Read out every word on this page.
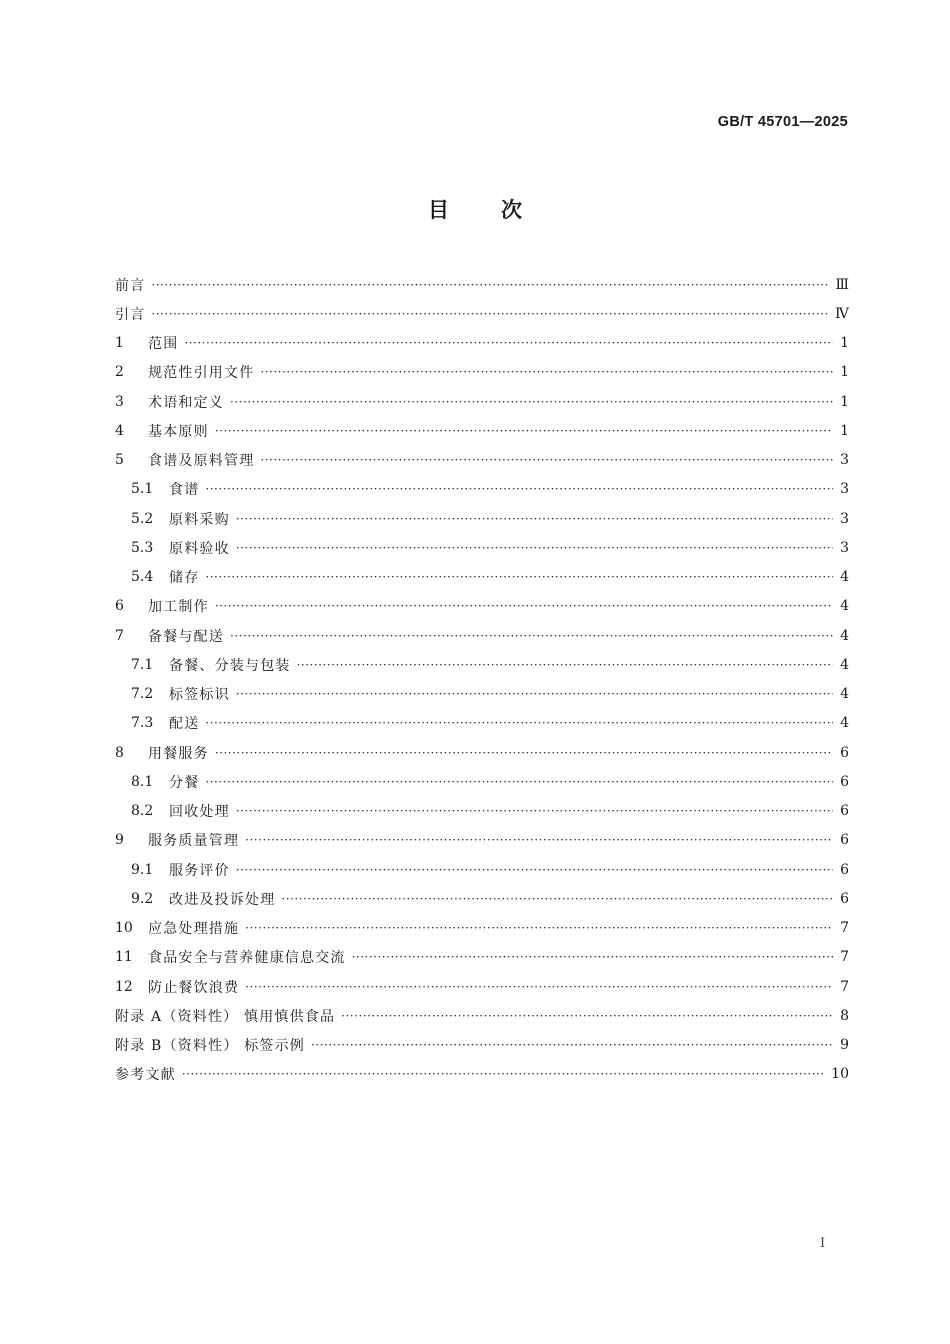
GB/T 45701—2025
目次
前言 ·····	Ⅲ
引言 ·····	Ⅳ
1	范围 ·····	1
2	规范性引用文件 ·····	1
3	术语和定义 ·····	1
4	基本原则 ·····	1
5	食谱及原料管理 ·····	3
5.1	食谱 ·····	3
5.2	原料采购 ·····	3
5.3	原料验收 ·····	3
5.4	储存 ·····	4
6	加工制作 ·····	4
7	备餐与配送 ·····	4
7.1	备餐、分装与包装 ·····	4
7.2	标签标识 ·····	4
7.3	配送 ·····	4
8	用餐服务 ·····	6
8.1	分餐 ·····	6
8.2	回收处理 ·····	6
9	服务质量管理 ·····	6
9.1	服务评价 ·····	6
9.2	改进及投诉处理 ·····	6
10	应急处理措施 ·····	7
11	食品安全与营养健康信息交流 ·····	7
12	防止餐饮浪费 ·····	7
附录 A（资料性） 慎用慎供食品 ·····	8
附录 B（资料性） 标签示例 ·····	9
参考文献 ·····	10
Ⅰ
